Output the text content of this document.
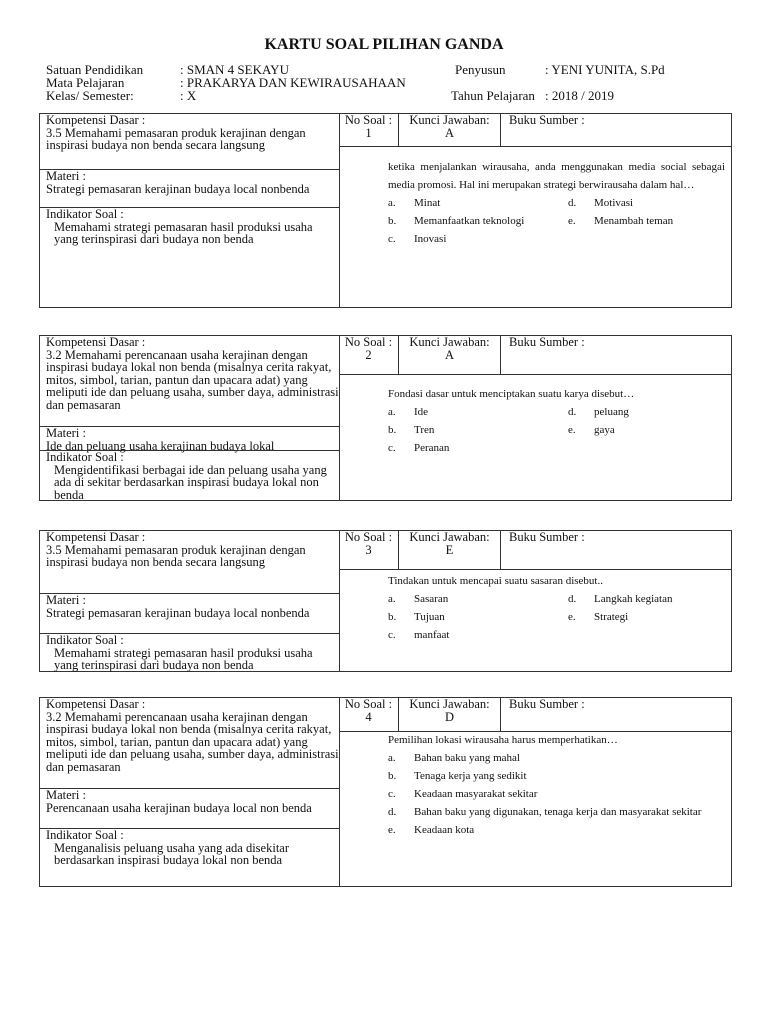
KARTU SOAL PILIHAN GANDA
Satuan Pendidikan	: SMAN 4 SEKAYU
Mata Pelajaran	: PRAKARYA DAN KEWIRAUSAHAAN
Kelas/ Semester:	: X
Penyusun	: YENI YUNITA, S.Pd
Tahun Pelajaran : 2018 / 2019
Kompetensi Dasar :
3.5 Memahami pemasaran produk kerajinan dengan inspirasi budaya non benda secara langsung
Materi :
Strategi pemasaran kerajinan budaya local nonbenda
Indikator Soal :
Memahami strategi pemasaran hasil produksi usaha yang terinspirasi dari budaya non benda
No Soal :
1
Kunci Jawaban:
A
Buku Sumber :
ketika menjalankan wirausaha, anda menggunakan media social sebagai media promosi. Hal ini merupakan strategi berwirausaha dalam hal…
a.	Minat
b.	Memanfaatkan teknologi
c.	Inovasi
d.	Motivasi
e.	Menambah teman
Kompetensi Dasar :
3.2 Memahami perencanaan usaha kerajinan dengan inspirasi budaya lokal non benda (misalnya cerita rakyat, mitos, simbol, tarian, pantun dan upacara adat) yang meliputi ide dan peluang usaha, sumber daya, administrasi dan pemasaran
Materi :
Ide dan peluang usaha kerajinan budaya lokal
Indikator Soal :
Mengidentifikasi berbagai ide dan peluang usaha yang ada di sekitar berdasarkan inspirasi budaya lokal non benda
No Soal :
2
Kunci Jawaban:
A
Buku Sumber :
Fondasi dasar untuk menciptakan suatu karya disebut…
a.	Ide
b.	Tren
c.	Peranan
d.	peluang
e.	gaya
Kompetensi Dasar :
3.5 Memahami pemasaran produk kerajinan dengan inspirasi budaya non benda secara langsung
Materi :
Strategi pemasaran kerajinan budaya local nonbenda
Indikator Soal :
Memahami strategi pemasaran hasil produksi usaha yang terinspirasi dari budaya non benda
No Soal :
3
Kunci Jawaban:
E
Buku Sumber :
Tindakan untuk mencapai suatu sasaran disebut..
a.	Sasaran
b.	Tujuan
c.	manfaat
d.	Langkah kegiatan
e.	Strategi
Kompetensi Dasar :
3.2 Memahami perencanaan usaha kerajinan dengan inspirasi budaya lokal non benda (misalnya cerita rakyat, mitos, simbol, tarian, pantun dan upacara adat) yang meliputi ide dan peluang usaha, sumber daya, administrasi dan pemasaran
Materi :
Perencanaan usaha kerajinan budaya local non benda
Indikator Soal :
Menganalisis peluang usaha yang ada disekitar berdasarkan inspirasi budaya lokal non benda
No Soal :
4
Kunci Jawaban:
D
Buku Sumber :
Pemilihan lokasi wirausaha harus memperhatikan…
a.	Bahan baku yang mahal
b.	Tenaga kerja yang sedikit
c.	Keadaan masyarakat sekitar
d.	Bahan baku yang digunakan, tenaga kerja dan masyarakat sekitar
e.	Keadaan kota
